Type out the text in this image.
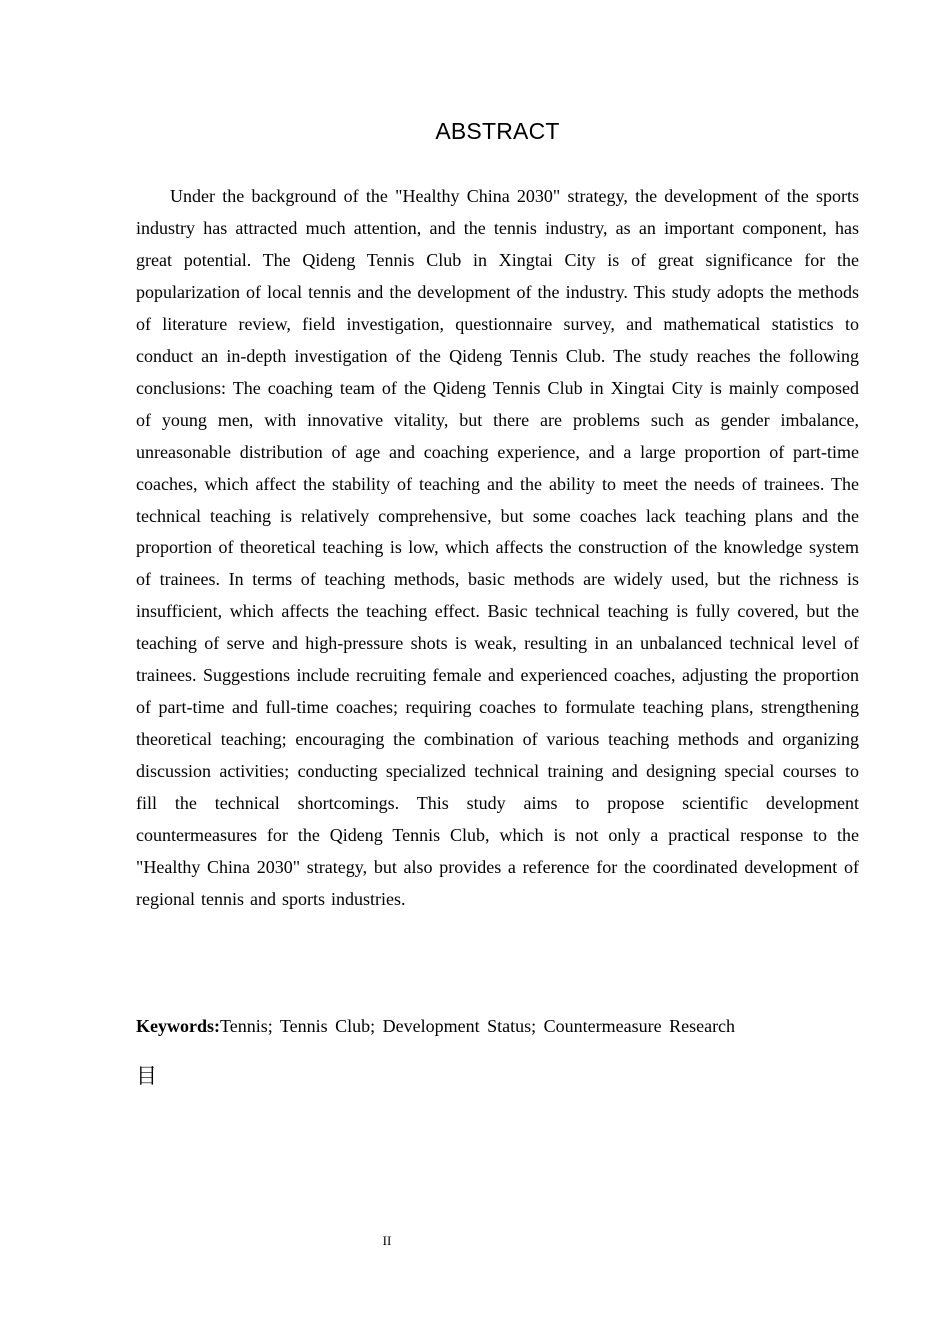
ABSTRACT

Under the background of the "Healthy China 2030" strategy, the development of the sports industry has attracted much attention, and the tennis industry, as an important component, has great potential. The Qideng Tennis Club in Xingtai City is of great significance for the popularization of local tennis and the development of the industry. This study adopts the methods of literature review, field investigation, questionnaire survey, and mathematical statistics to conduct an in-depth investigation of the Qideng Tennis Club. The study reaches the following conclusions: The coaching team of the Qideng Tennis Club in Xingtai City is mainly composed of young men, with innovative vitality, but there are problems such as gender imbalance, unreasonable distribution of age and coaching experience, and a large proportion of part-time coaches, which affect the stability of teaching and the ability to meet the needs of trainees. The technical teaching is relatively comprehensive, but some coaches lack teaching plans and the proportion of theoretical teaching is low, which affects the construction of the knowledge system of trainees. In terms of teaching methods, basic methods are widely used, but the richness is insufficient, which affects the teaching effect. Basic technical teaching is fully covered, but the teaching of serve and high-pressure shots is weak, resulting in an unbalanced technical level of trainees. Suggestions include recruiting female and experienced coaches, adjusting the proportion of part-time and full-time coaches; requiring coaches to formulate teaching plans, strengthening theoretical teaching; encouraging the combination of various teaching methods and organizing discussion activities; conducting specialized technical training and designing special courses to fill the technical shortcomings. This study aims to propose scientific development countermeasures for the Qideng Tennis Club, which is not only a practical response to the "Healthy China 2030" strategy, but also provides a reference for the coordinated development of regional tennis and sports industries.

Keywords:Tennis; Tennis Club; Development Status; Countermeasure Research

目
II
